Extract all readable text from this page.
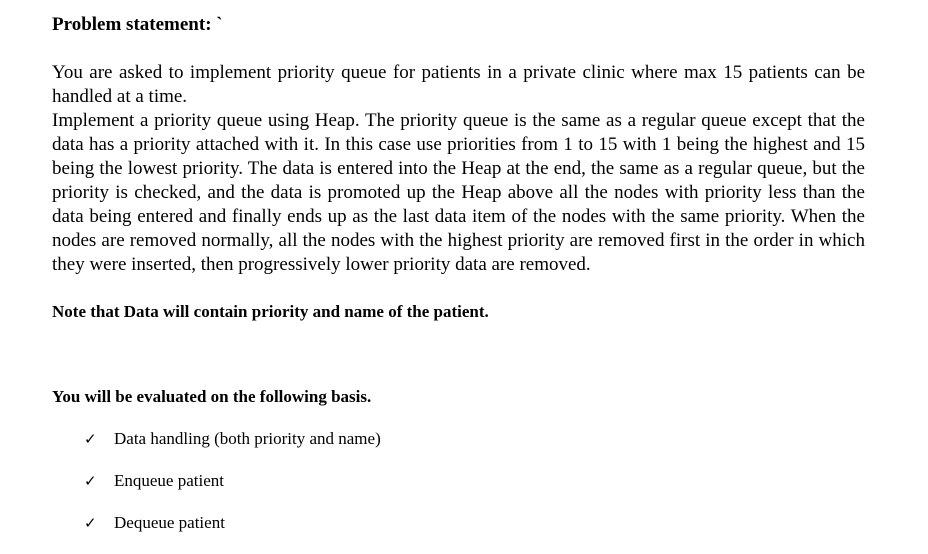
Problem statement: `

You are asked to implement priority queue for patients in a private clinic where max 15 patients can be handled at a time.

Implement a priority queue using Heap. The priority queue is the same as a regular queue except that the data has a priority attached with it. In this case use priorities from 1 to 15 with 1 being the highest and 15 being the lowest priority. The data is entered into the Heap at the end, the same as a regular queue, but the priority is checked, and the data is promoted up the Heap above all the nodes with priority less than the data being entered and finally ends up as the last data item of the nodes with the same priority. When the nodes are removed normally, all the nodes with the highest priority are removed first in the order in which they were inserted, then progressively lower priority data are removed.

Note that Data will contain priority and name of the patient.
You will be evaluated on the following basis.
✓	Data handling (both priority and name)
✓	Enqueue patient
✓	Dequeue patient
